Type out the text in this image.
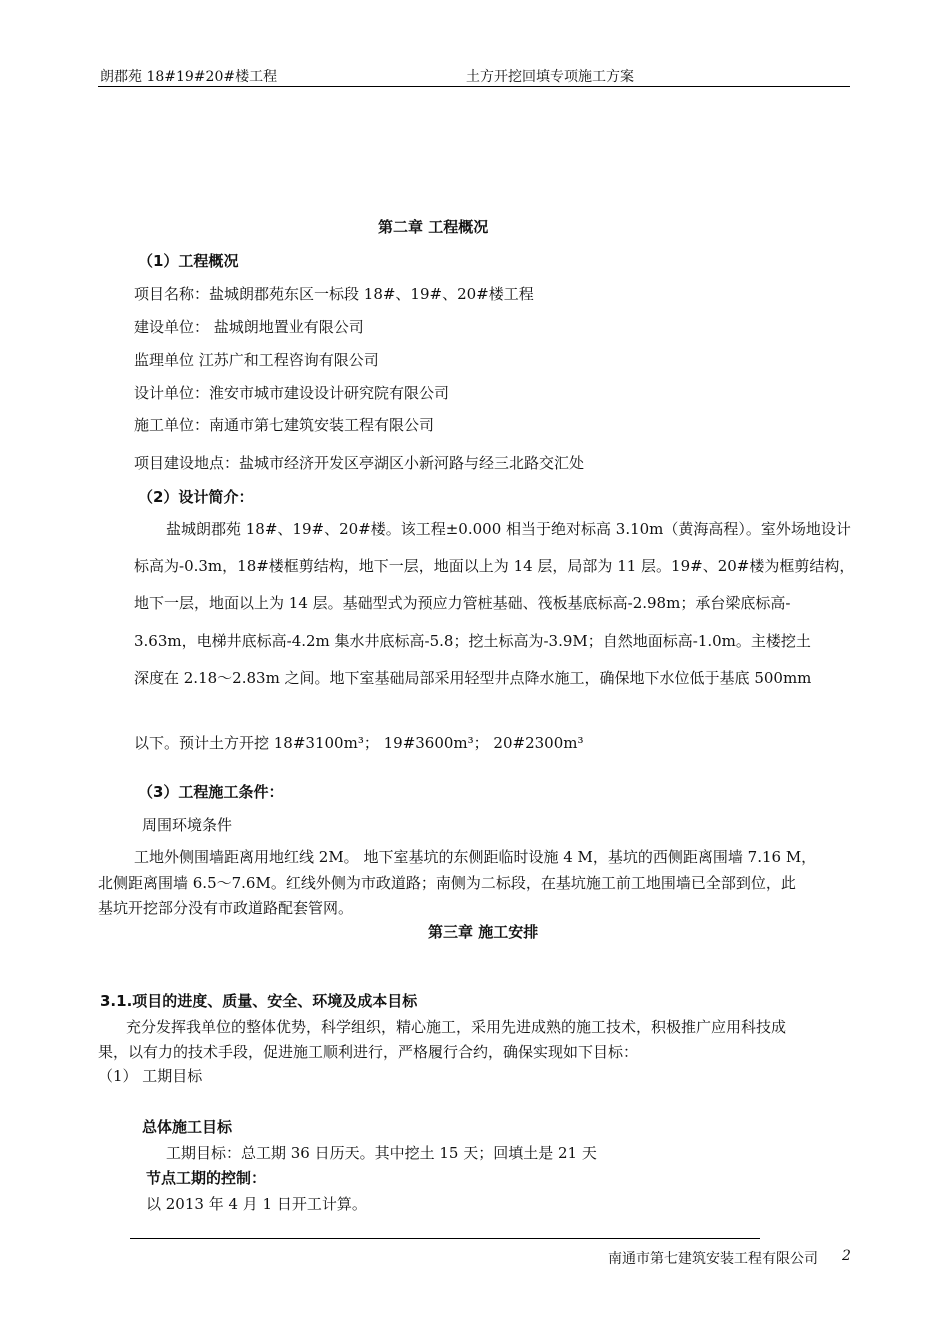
朗郡苑 18#19#20#楼工程	土方开挖回填专项施工方案
第二章 工程概况
（1）工程概况
项目名称：盐城朗郡苑东区一标段 18#、19#、20#楼工程
建设单位： 盐城朗地置业有限公司
监理单位 江苏广和工程咨询有限公司
设计单位：淮安市城市建设设计研究院有限公司
施工单位：南通市第七建筑安装工程有限公司
项目建设地点：盐城市经济开发区亭湖区小新河路与经三北路交汇处
（2）设计简介：
盐城朗郡苑 18#、19#、20#楼。该工程±0.000 相当于绝对标高 3.10m（黄海高程）。室外场地设计
标高为-0.3m，18#楼框剪结构，地下一层，地面以上为 14 层，局部为 11 层。19#、20#楼为框剪结构，
地下一层，地面以上为 14 层。基础型式为预应力管桩基础、筏板基底标高-2.98m；承台梁底标高-
3.63m，电梯井底标高-4.2m 集水井底标高-5.8；挖土标高为-3.9M；自然地面标高-1.0m。主楼挖土
深度在 2.18～2.83m 之间。地下室基础局部采用轻型井点降水施工，确保地下水位低于基底 500mm
以下。预计土方开挖 18#3100m³； 19#3600m³； 20#2300m³
（3）工程施工条件：
周围环境条件
工地外侧围墙距离用地红线 2M。 地下室基坑的东侧距临时设施 4 M，基坑的西侧距离围墙 7.16 M，
北侧距离围墙 6.5～7.6M。红线外侧为市政道路；南侧为二标段，在基坑施工前工地围墙已全部到位，此
基坑开挖部分没有市政道路配套管网。
第三章 施工安排
3.1.项目的进度、质量、安全、环境及成本目标
充分发挥我单位的整体优势，科学组织，精心施工，采用先进成熟的施工技术，积极推广应用科技成
果，以有力的技术手段，促进施工顺利进行，严格履行合约，确保实现如下目标：
（1） 工期目标
总体施工目标
工期目标：总工期 36 日历天。其中挖土 15 天；回填土是 21 天
节点工期的控制：
以 2013 年 4 月 1 日开工计算。
南通市第七建筑安装工程有限公司 2
